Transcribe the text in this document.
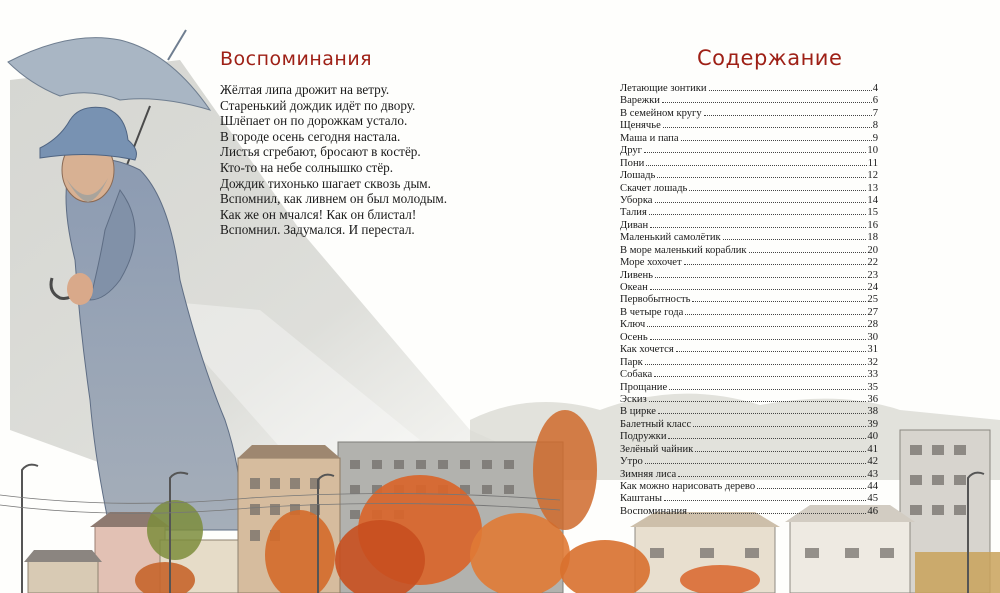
Воспоминания
Жёлтая липа дрожит на ветру.
Старенький дождик идёт по двору.
Шлёпает он по дорожкам устало.
В городе осень сегодня настала.
Листья сгребают, бросают в костёр.
Кто-то на небе солнышко стёр.
Дождик тихонько шагает сквозь дым.
Вспомнил, как ливнем он был молодым.
Как же он мчался! Как он блистал!
Вспомнил. Задумался. И перестал.
Содержание
Летающие зонтики	4
Варежки	6
В семейном кругу	7
Щенячье	8
Маша и папа	9
Друг	10
Пони	11
Лошадь	12
Скачет лошадь	13
Уборка	14
Талия	15
Диван	16
Маленький самолётик	18
В море маленький кораблик	20
Море хохочет	22
Ливень	23
Океан	24
Первобытность	25
В четыре года	27
Ключ	28
Осень	30
Как хочется	31
Парк	32
Собака	33
Прощание	35
Эскиз	36
В цирке	38
Балетный класс	39
Подружки	40
Зелёный чайник	41
Утро	42
Зимняя лиса	43
Как можно нарисовать дерево	44
Каштаны	45
Воспоминания	46
